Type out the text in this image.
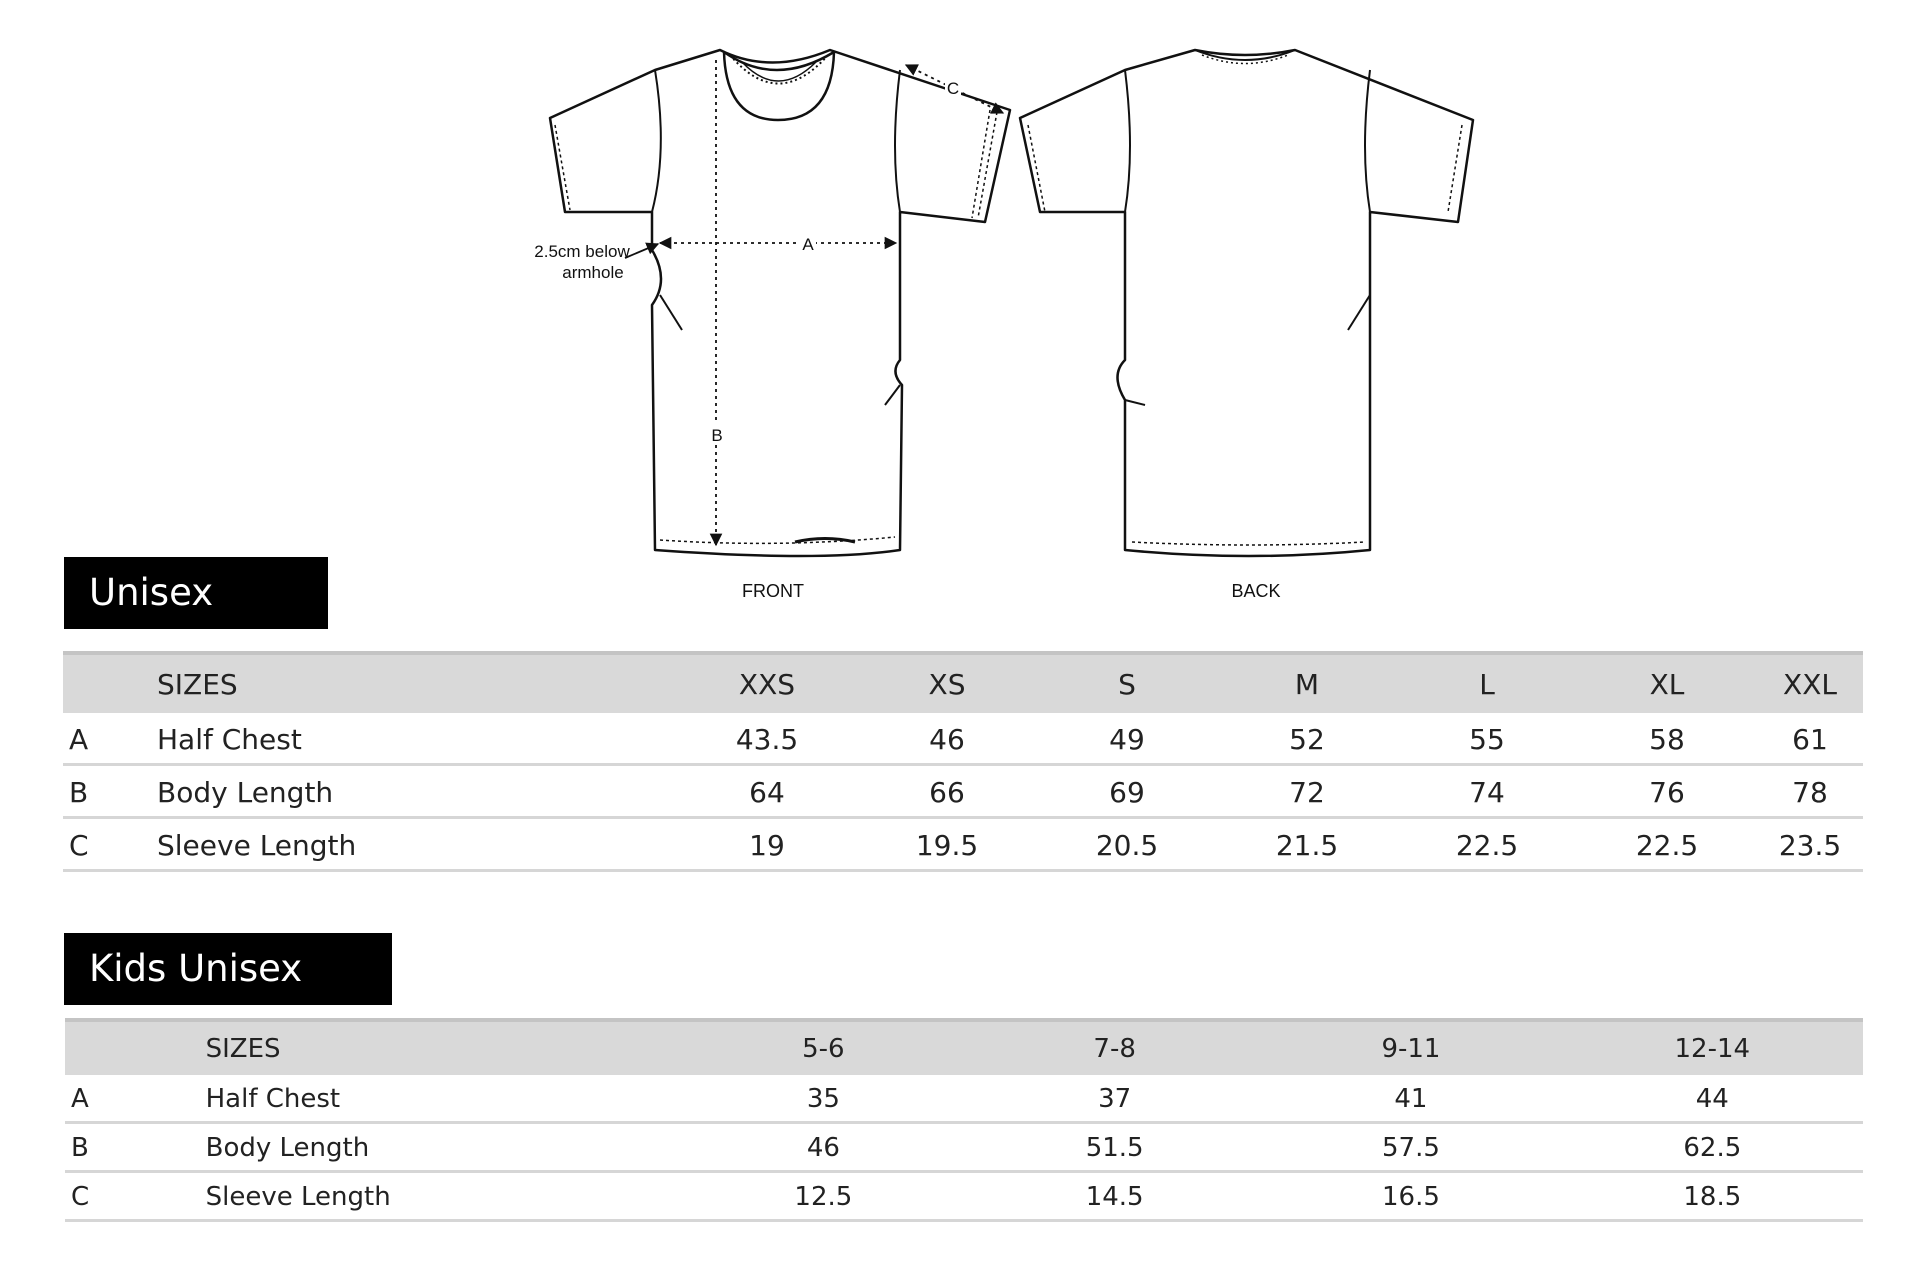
FRONT	BACK
2.5cm below
armhole
A
B
C
Unisex
	SIZES	XXS	XS	S	M	L	XL	XXL
A	Half Chest	43.5	46	49	52	55	58	61
B	Body Length	64	66	69	72	74	76	78
C	Sleeve Length	19	19.5	20.5	21.5	22.5	22.5	23.5
Kids Unisex
	SIZES	5-6	7-8	9-11	12-14
A	Half Chest	35	37	41	44
B	Body Length	46	51.5	57.5	62.5
C	Sleeve Length	12.5	14.5	16.5	18.5
